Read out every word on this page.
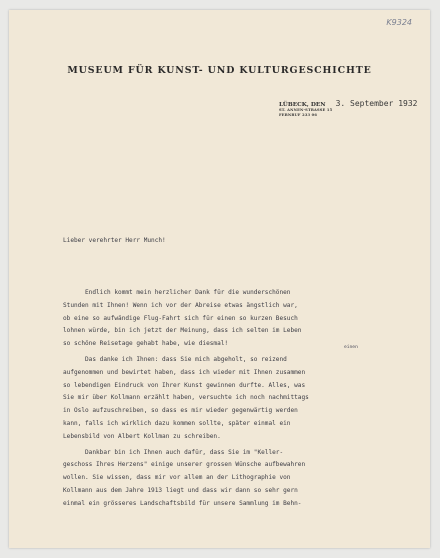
K9324
MUSEUM FÜR KUNST- UND KULTURGESCHICHTE
LÜBECK, DEN 3. September 1932
ST. ANNEN-STRASSE 15
FERNRUF 233 06

Lieber verehrter Herr Munch!

Endlich kommt mein herzlicher Dank für die wunderschönen
Stunden mit Ihnen! Wenn ich vor der Abreise etwas ängstlich war,
ob eine so aufwändige Flug-Fahrt sich für einen so kurzen Besuch
lohnen würde, bin ich jetzt der Meinung, dass ich selten im Leben
so schöne Reisetage gehabt habe, wie diesmal!
Das danke ich Ihnen: dass Sie mich abgeholt, so reizend
aufgenommen und bewirtet haben, dass ich wieder mit Ihnen zusammen
so lebendigen Eindruck von Ihrer Kunst gewinnen durfte. Alles, was
Sie mir über Kollmann erzählt haben, versuchte ich noch nachmittags
in Oslo aufzuschreiben, so dass es mir wieder gegenwärtig werden
kann, falls ich wirklich dazu kommen sollte, später einmal ein
Lebensbild von Albert Kollman zu schreiben.
Dankbar bin ich Ihnen auch dafür, dass Sie im "Keller-
geschoss Ihres Herzens" einige unserer grossen Wünsche aufbewahren
wollen. Sie wissen, dass mir vor allem an der Lithographie von
Kollmann aus dem Jahre 1913 liegt und dass wir dann so sehr gern
einmal ein grösseres Landschaftsbild für unsere Sammlung im Behn-

einen
